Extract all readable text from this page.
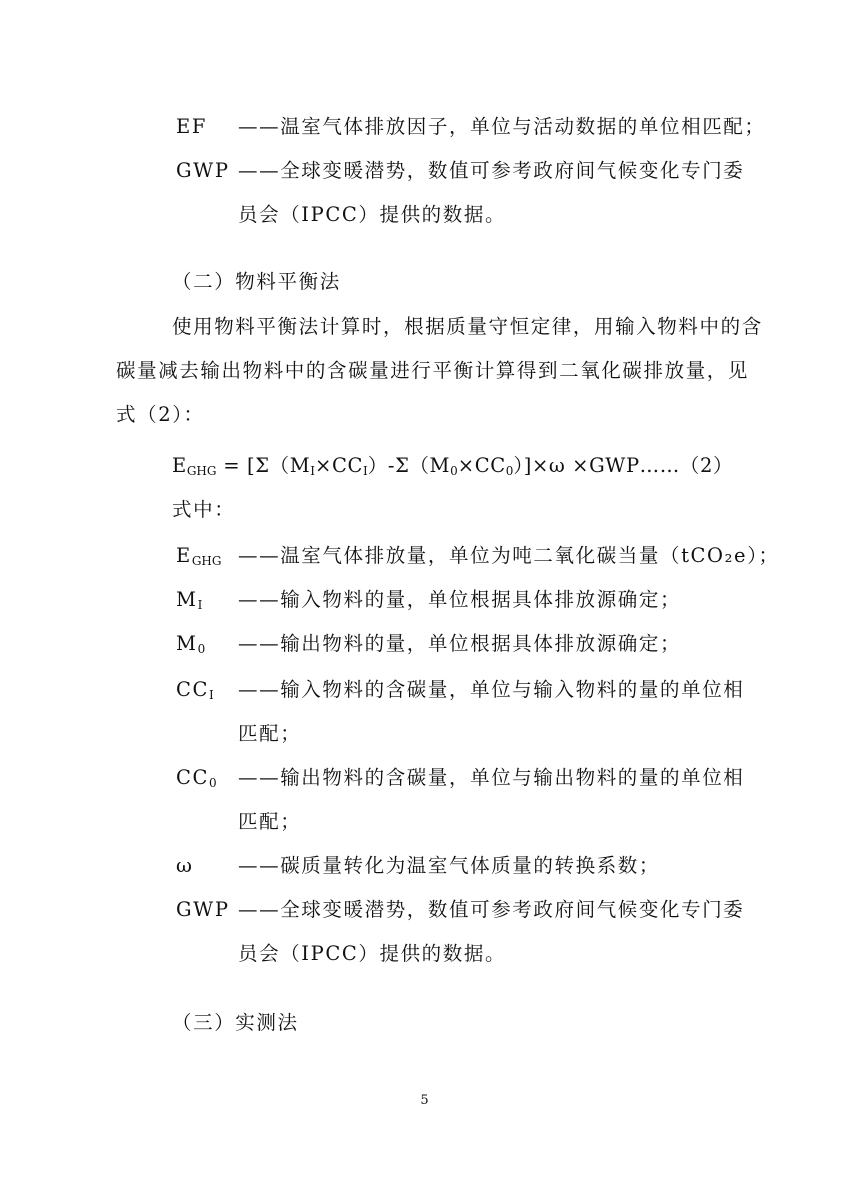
EF	——温室气体排放因子，单位与活动数据的单位相匹配；
GWP ——全球变暖潜势，数值可参考政府间气候变化专门委
员会（IPCC）提供的数据。
（二）物料平衡法
使用物料平衡法计算时，根据质量守恒定律，用输入物料中的含
碳量减去输出物料中的含碳量进行平衡计算得到二氧化碳排放量，见
式（2）：
$E_{GHG} = [\Sigma(M_I\times CC_I)-\Sigma(M_0\times CC_0)]\times\omega$ ×GWP……（2）
式中：
$E_{GHG}$ ——温室气体排放量，单位为吨二氧化碳当量（tCO₂e）；
$M_I$	——输入物料的量，单位根据具体排放源确定；
$M_0$	——输出物料的量，单位根据具体排放源确定；
$CC_I$	——输入物料的含碳量，单位与输入物料的量的单位相
匹配；
$CC_0$	——输出物料的含碳量，单位与输出物料的量的单位相
匹配；
ω	——碳质量转化为温室气体质量的转换系数；
GWP ——全球变暖潜势，数值可参考政府间气候变化专门委
员会（IPCC）提供的数据。
（三）实测法
5
